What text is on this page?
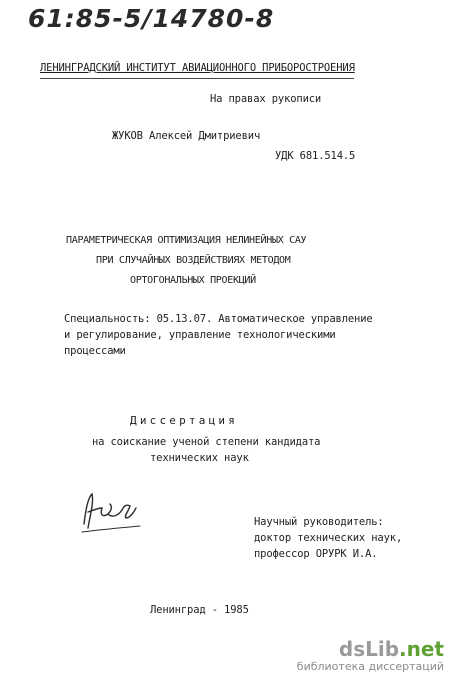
61:85-5/14780-8
ЛЕНИНГРАДСКИЙ ИНСТИТУТ АВИАЦИОННОГО ПРИБОРОСТРОЕНИЯ
На правах рукописи
ЖУКОВ Алексей Дмитриевич
УДК 681.514.5
ПАРАМЕТРИЧЕСКАЯ ОПТИМИЗАЦИЯ НЕЛИНЕЙНЫХ САУ
ПРИ СЛУЧАЙНЫХ ВОЗДЕЙСТВИЯХ МЕТОДОМ
ОРТОГОНАЛЬНЫХ ПРОЕКЦИЙ
Специальность: 05.13.07. Автоматическое управление
и регулирование, управление технологическими
процессами
Диссертация
на соискание ученой степени кандидата
технических наук
Научный руководитель:
доктор технических наук,
профессор ОРУРК И.А.
Ленинград - 1985
dsLib.net
библиотека диссертаций
